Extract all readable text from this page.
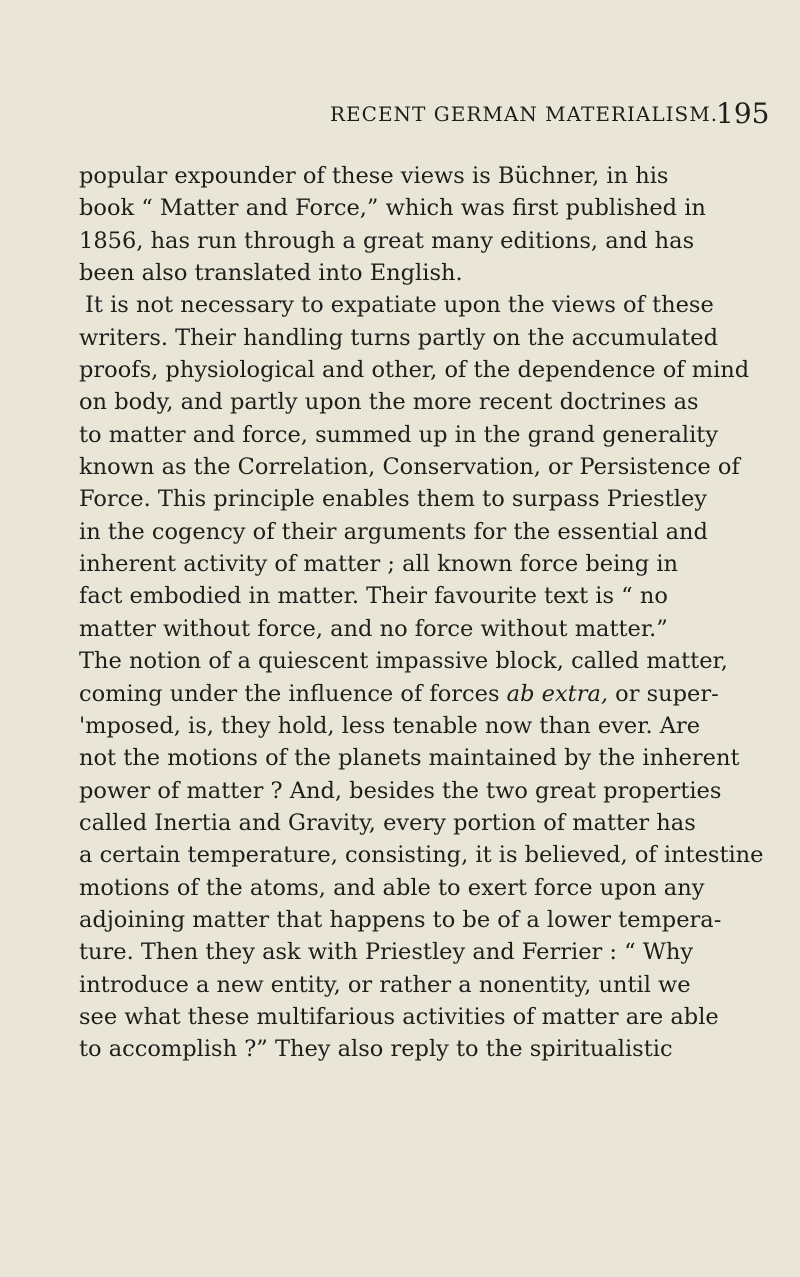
RECENT GERMAN MATERIALISM.
195
popular expounder of these views is Büchner, in his
book “ Matter and Force,” which was first published in
1856, has run through a great many editions, and has
been also translated into English.
It is not necessary to expatiate upon the views of these
writers. Their handling turns partly on the accumulated
proofs, physiological and other, of the dependence of mind
on body, and partly upon the more recent doctrines as
to matter and force, summed up in the grand generality
known as the Correlation, Conservation, or Persistence of
Force. This principle enables them to surpass Priestley
in the cogency of their arguments for the essential and
inherent activity of matter ; all known force being in
fact embodied in matter. Their favourite text is “ no
matter without force, and no force without matter.”
The notion of a quiescent impassive block, called matter,
coming under the influence of forces ab extra, or super-
'mposed, is, they hold, less tenable now than ever. Are
not the motions of the planets maintained by the inherent
power of matter ? And, besides the two great properties
called Inertia and Gravity, every portion of matter has
a certain temperature, consisting, it is believed, of intestine
motions of the atoms, and able to exert force upon any
adjoining matter that happens to be of a lower tempera-
ture. Then they ask with Priestley and Ferrier : “ Why
introduce a new entity, or rather a nonentity, until we
see what these multifarious activities of matter are able
to accomplish ?” They also reply to the spiritualistic
